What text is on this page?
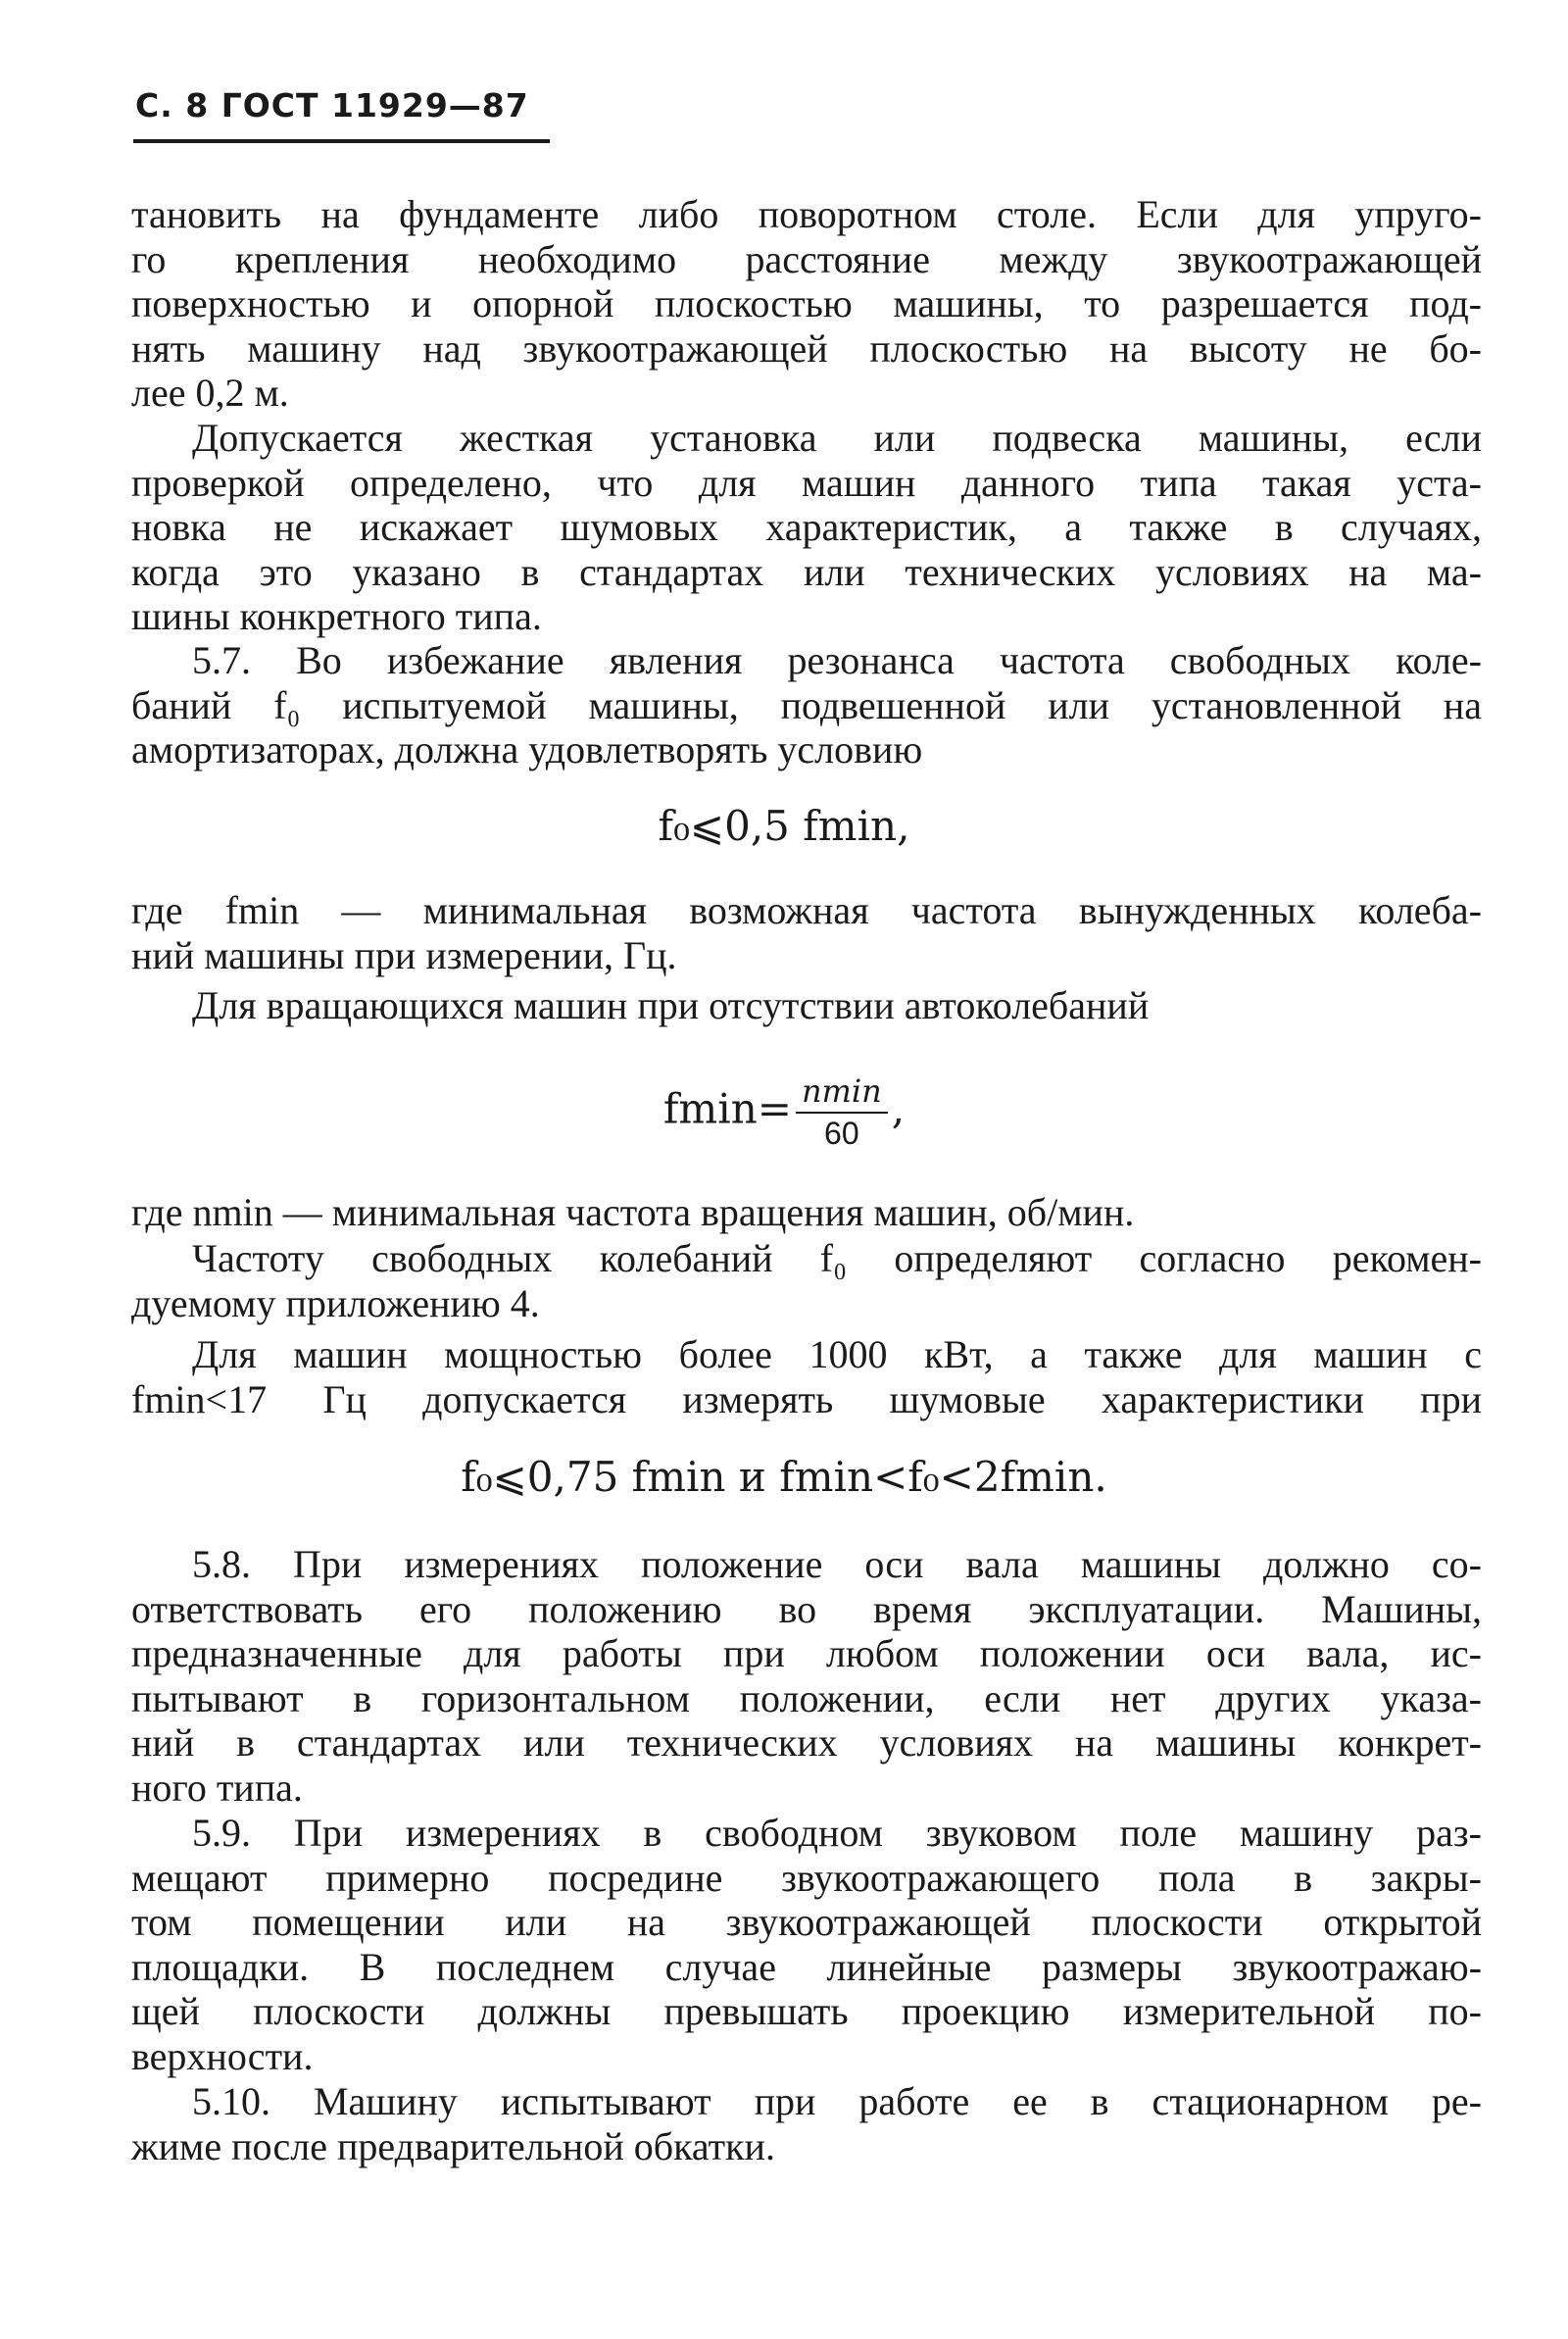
С. 8 ГОСТ 11929—87
тановить на фундаменте либо поворотном столе. Если для упруго-
го крепления необходимо расстояние между звукоотражающей
поверхностью и опорной плоскостью машины, то разрешается под-
нять машину над звукоотражающей плоскостью на высоту не бо-
лее 0,2 м.
Допускается жесткая установка или подвеска машины, если
проверкой определено, что для машин данного типа такая уста-
новка не искажает шумовых характеристик, а также в случаях,
когда это указано в стандартах или технических условиях на ма-
шины конкретного типа.
5.7. Во избежание явления резонанса частота свободных коле-
баний f₀ испытуемой машины, подвешенной или установленной на
амортизаторах, должна удовлетворять условию
f₀⩽0,5 fmin,
где fmin — минимальная возможная частота вынужденных колеба-
ний машины при измерении, Гц.
Для вращающихся машин при отсутствии автоколебаний
$fmin= \frac{nmin}{60}$ ,
где nmin — минимальная частота вращения машин, об/мин.
Частоту свободных колебаний f₀ определяют согласно рекомен-
дуемому приложению 4.
Для машин мощностью более 1000 кВт, а также для машин с
fmin<17 Гц допускается измерять шумовые характеристики при
f₀⩽0,75 fmin и fmin<f₀<2fmin.
5.8. При измерениях положение оси вала машины должно со-
ответствовать его положению во время эксплуатации. Машины,
предназначенные для работы при любом положении оси вала, ис-
пытывают в горизонтальном положении, если нет других указа-
ний в стандартах или технических условиях на машины конкрет-
ного типа.
5.9. При измерениях в свободном звуковом поле машину раз-
мещают примерно посредине звукоотражающего пола в закры-
том помещении или на звукоотражающей плоскости открытой
площадки. В последнем случае линейные размеры звукоотражаю-
щей плоскости должны превышать проекцию измерительной по-
верхности.
5.10. Машину испытывают при работе ее в стационарном ре-
жиме после предварительной обкатки.
